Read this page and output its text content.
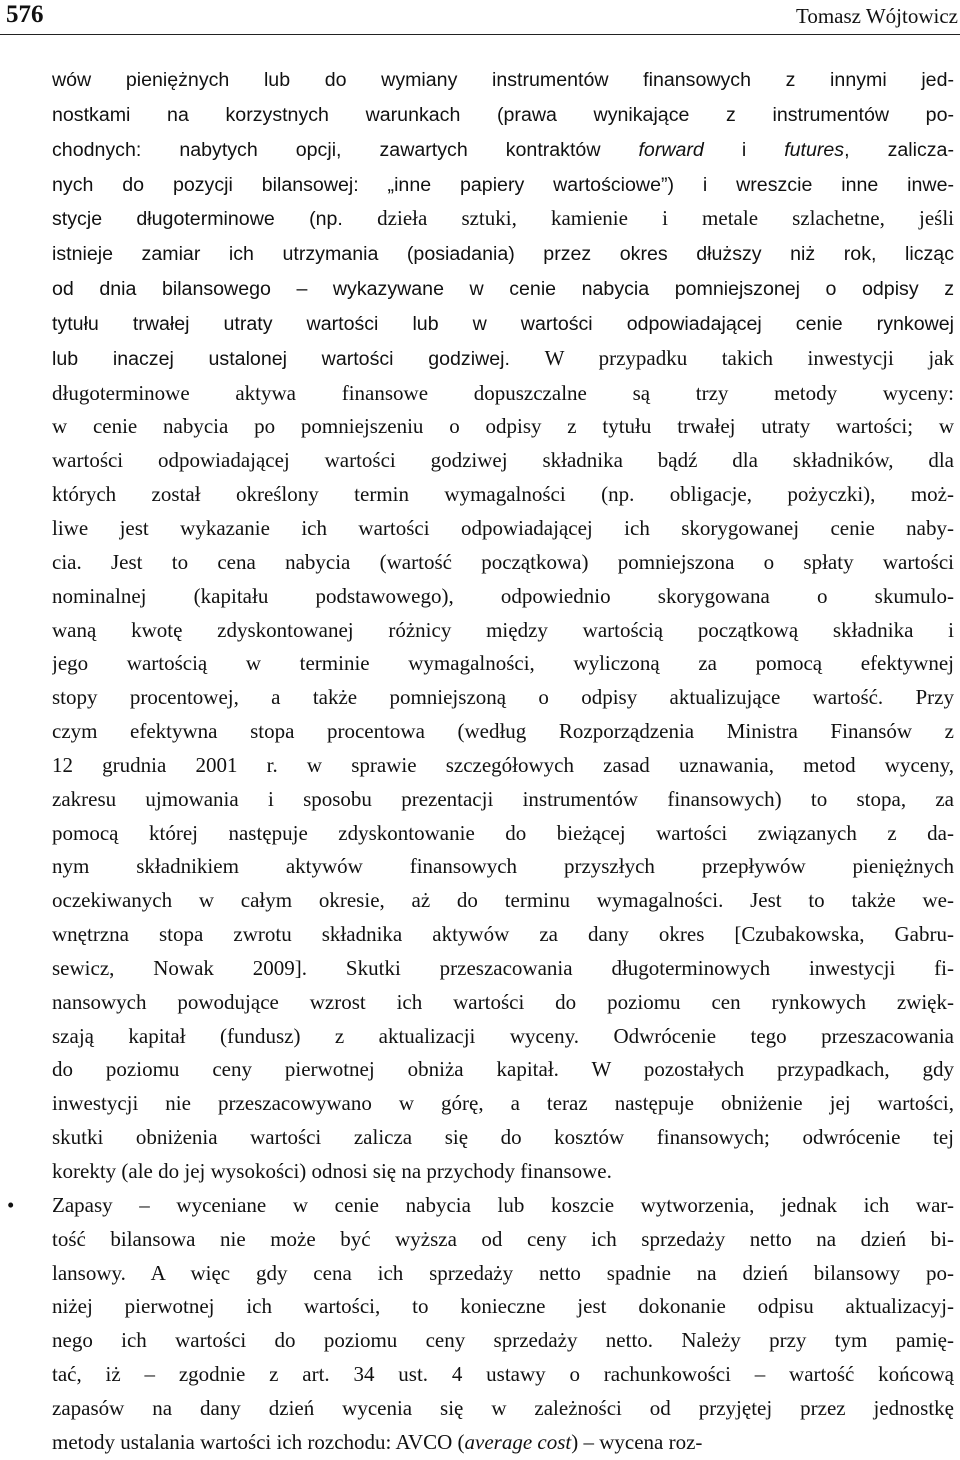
576	Tomasz Wójtowicz
wów pieniężnych lub do wymiany instrumentów finansowych z innymi jed-
nostkami na korzystnych warunkach (prawa wynikające z instrumentów po-
chodnych: nabytych opcji, zawartych kontraktów forward i futures, zalicza-
nych do pozycji bilansowej: „inne papiery wartościowe”) i wreszcie inne inwe-
stycje długoterminowe (np. dzieła sztuki, kamienie i metale szlachetne, jeśli
istnieje zamiar ich utrzymania (posiadania) przez okres dłuższy niż rok, licząc
od dnia bilansowego – wykazywane w cenie nabycia pomniejszonej o odpisy z
tytułu trwałej utraty wartości lub w wartości odpowiadającej cenie rynkowej
lub inaczej ustalonej wartości godziwej. W przypadku takich inwestycji jak
długoterminowe aktywa finansowe dopuszczalne są trzy metody wyceny:
w cenie nabycia po pomniejszeniu o odpisy z tytułu trwałej utraty wartości; w
wartości odpowiadającej wartości godziwej składnika bądź dla składników, dla
których został określony termin wymagalności (np. obligacje, pożyczki), moż-
liwe jest wykazanie ich wartości odpowiadającej ich skorygowanej cenie naby-
cia. Jest to cena nabycia (wartość początkowa) pomniejszona o spłaty wartości
nominalnej (kapitału podstawowego), odpowiednio skorygowana o skumulo-
waną kwotę zdyskontowanej różnicy między wartością początkową składnika i
jego wartością w terminie wymagalności, wyliczoną za pomocą efektywnej
stopy procentowej, a także pomniejszoną o odpisy aktualizujące wartość. Przy
czym efektywna stopa procentowa (według Rozporządzenia Ministra Finansów z
12 grudnia 2001 r. w sprawie szczegółowych zasad uznawania, metod wyceny,
zakresu ujmowania i sposobu prezentacji instrumentów finansowych) to stopa, za
pomocą której następuje zdyskontowanie do bieżącej wartości związanych z da-
nym składnikiem aktywów finansowych przyszłych przepływów pieniężnych
oczekiwanych w całym okresie, aż do terminu wymagalności. Jest to także we-
wnętrzna stopa zwrotu składnika aktywów za dany okres [Czubakowska, Gabru-
sewicz, Nowak 2009]. Skutki przeszacowania długoterminowych inwestycji fi-
nansowych powodujące wzrost ich wartości do poziomu cen rynkowych zwięk-
szają kapitał (fundusz) z aktualizacji wyceny. Odwrócenie tego przeszacowania
do poziomu ceny pierwotnej obniża kapitał. W pozostałych przypadkach, gdy
inwestycji nie przeszacowywano w górę, a teraz następuje obniżenie jej wartości,
skutki obniżenia wartości zalicza się do kosztów finansowych; odwrócenie tej
korekty (ale do jej wysokości) odnosi się na przychody finansowe.
• Zapasy – wyceniane w cenie nabycia lub koszcie wytworzenia, jednak ich war-
tość bilansowa nie może być wyższa od ceny ich sprzedaży netto na dzień bi-
lansowy. A więc gdy cena ich sprzedaży netto spadnie na dzień bilansowy po-
niżej pierwotnej ich wartości, to konieczne jest dokonanie odpisu aktualizacyj-
nego ich wartości do poziomu ceny sprzedaży netto. Należy przy tym pamię-
tać, iż – zgodnie z art. 34 ust. 4 ustawy o rachunkowości – wartość końcową
zapasów na dany dzień wycenia się w zależności od przyjętej przez jednostkę
metody ustalania wartości ich rozchodu: AVCO (average cost) – wycena roz-
